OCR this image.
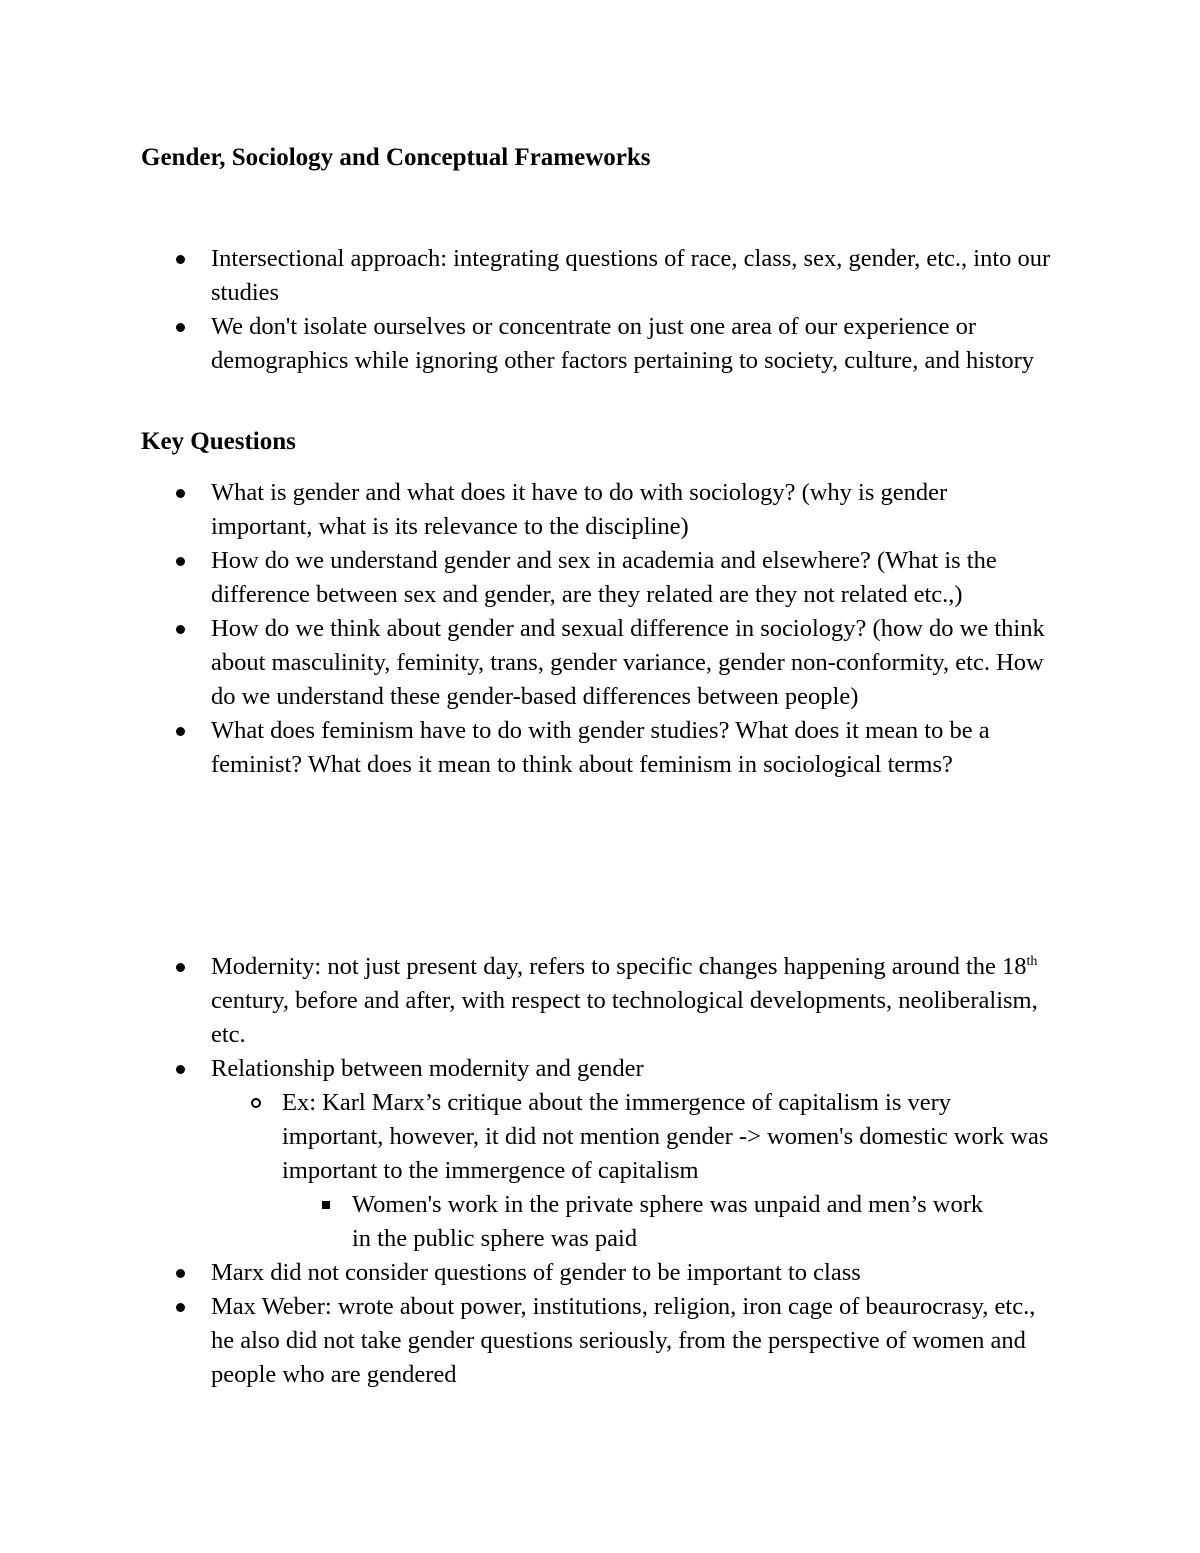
Gender, Sociology and Conceptual Frameworks
Intersectional approach: integrating questions of race, class, sex, gender, etc., into our studies
We don't isolate ourselves or concentrate on just one area of our experience or demographics while ignoring other factors pertaining to society, culture, and history
Key Questions
What is gender and what does it have to do with sociology? (why is gender important, what is its relevance to the discipline)
How do we understand gender and sex in academia and elsewhere? (What is the difference between sex and gender, are they related are they not related etc.,)
How do we think about gender and sexual difference in sociology? (how do we think about masculinity, feminity, trans, gender variance, gender non-conformity, etc. How do we understand these gender-based differences between people)
What does feminism have to do with gender studies? What does it mean to be a feminist? What does it mean to think about feminism in sociological terms?
Modernity: not just present day, refers to specific changes happening around the 18th century, before and after, with respect to technological developments, neoliberalism, etc.
Relationship between modernity and gender
Ex: Karl Marx’s critique about the immergence of capitalism is very important, however, it did not mention gender -> women's domestic work was important to the immergence of capitalism
Women's work in the private sphere was unpaid and men’s work in the public sphere was paid
Marx did not consider questions of gender to be important to class
Max Weber: wrote about power, institutions, religion, iron cage of beaurocrasy, etc., he also did not take gender questions seriously, from the perspective of women and people who are gendered
